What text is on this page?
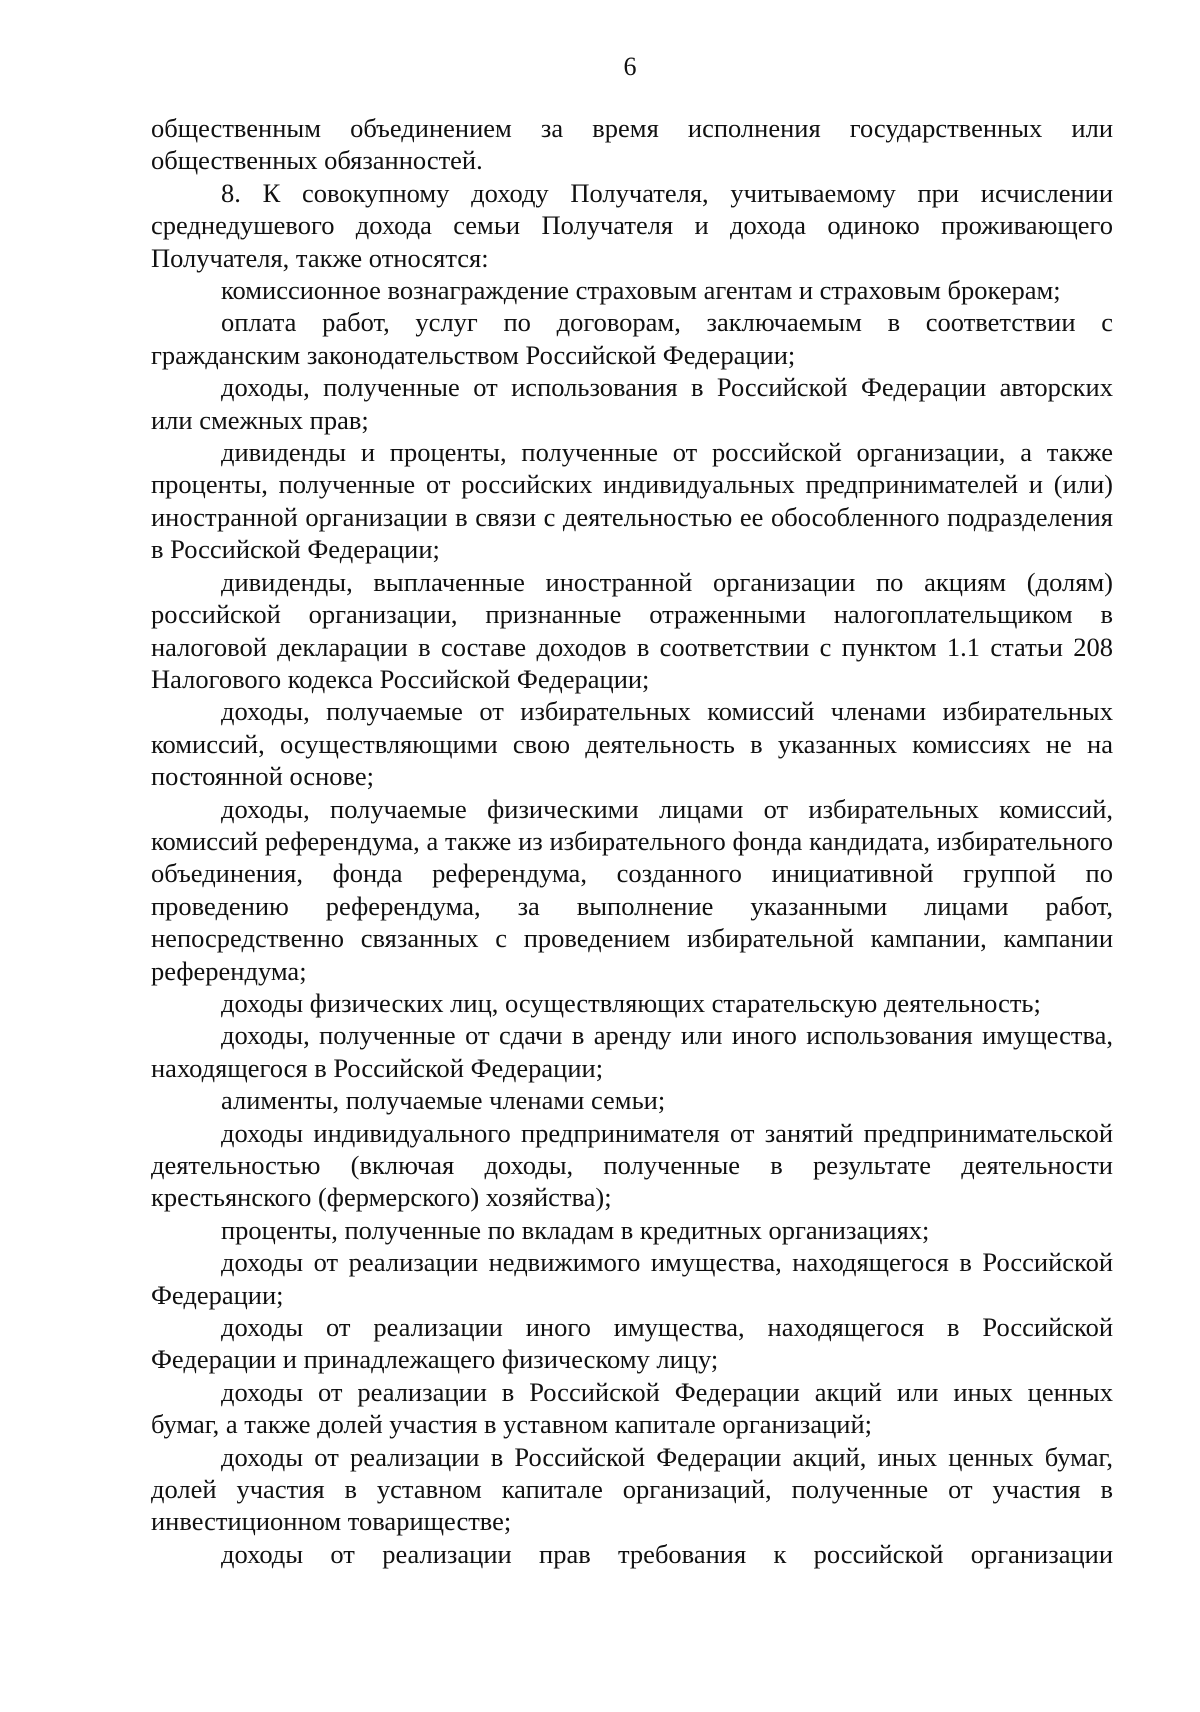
6

общественным объединением за время исполнения государственных или общественных обязанностей.

8. К совокупному доходу Получателя, учитываемому при исчислении среднедушевого дохода семьи Получателя и дохода одиноко проживающего Получателя, также относятся:

комиссионное вознаграждение страховым агентам и страховым брокерам;

оплата работ, услуг по договорам, заключаемым в соответствии с гражданским законодательством Российской Федерации;

доходы, полученные от использования в Российской Федерации авторских или смежных прав;

дивиденды и проценты, полученные от российской организации, а также проценты, полученные от российских индивидуальных предпринимателей и (или) иностранной организации в связи с деятельностью ее обособленного подразделения в Российской Федерации;

дивиденды, выплаченные иностранной организации по акциям (долям) российской организации, признанные отраженными налогоплательщиком в налоговой декларации в составе доходов в соответствии с пунктом 1.1 статьи 208 Налогового кодекса Российской Федерации;

доходы, получаемые от избирательных комиссий членами избирательных комиссий, осуществляющими свою деятельность в указанных комиссиях не на постоянной основе;

доходы, получаемые физическими лицами от избирательных комиссий, комиссий референдума, а также из избирательного фонда кандидата, избирательного объединения, фонда референдума, созданного инициативной группой по проведению референдума, за выполнение указанными лицами работ, непосредственно связанных с проведением избирательной кампании, кампании референдума;

доходы физических лиц, осуществляющих старательскую деятельность;

доходы, полученные от сдачи в аренду или иного использования имущества, находящегося в Российской Федерации;

алименты, получаемые членами семьи;

доходы индивидуального предпринимателя от занятий предпринимательской деятельностью (включая доходы, полученные в результате деятельности крестьянского (фермерского) хозяйства);

проценты, полученные по вкладам в кредитных организациях;

доходы от реализации недвижимого имущества, находящегося в Российской Федерации;

доходы от реализации иного имущества, находящегося в Российской Федерации и принадлежащего физическому лицу;

доходы от реализации в Российской Федерации акций или иных ценных бумаг, а также долей участия в уставном капитале организаций;

доходы от реализации в Российской Федерации акций, иных ценных бумаг, долей участия в уставном капитале организаций, полученные от участия в инвестиционном товариществе;

доходы от реализации прав требования к российской организации
